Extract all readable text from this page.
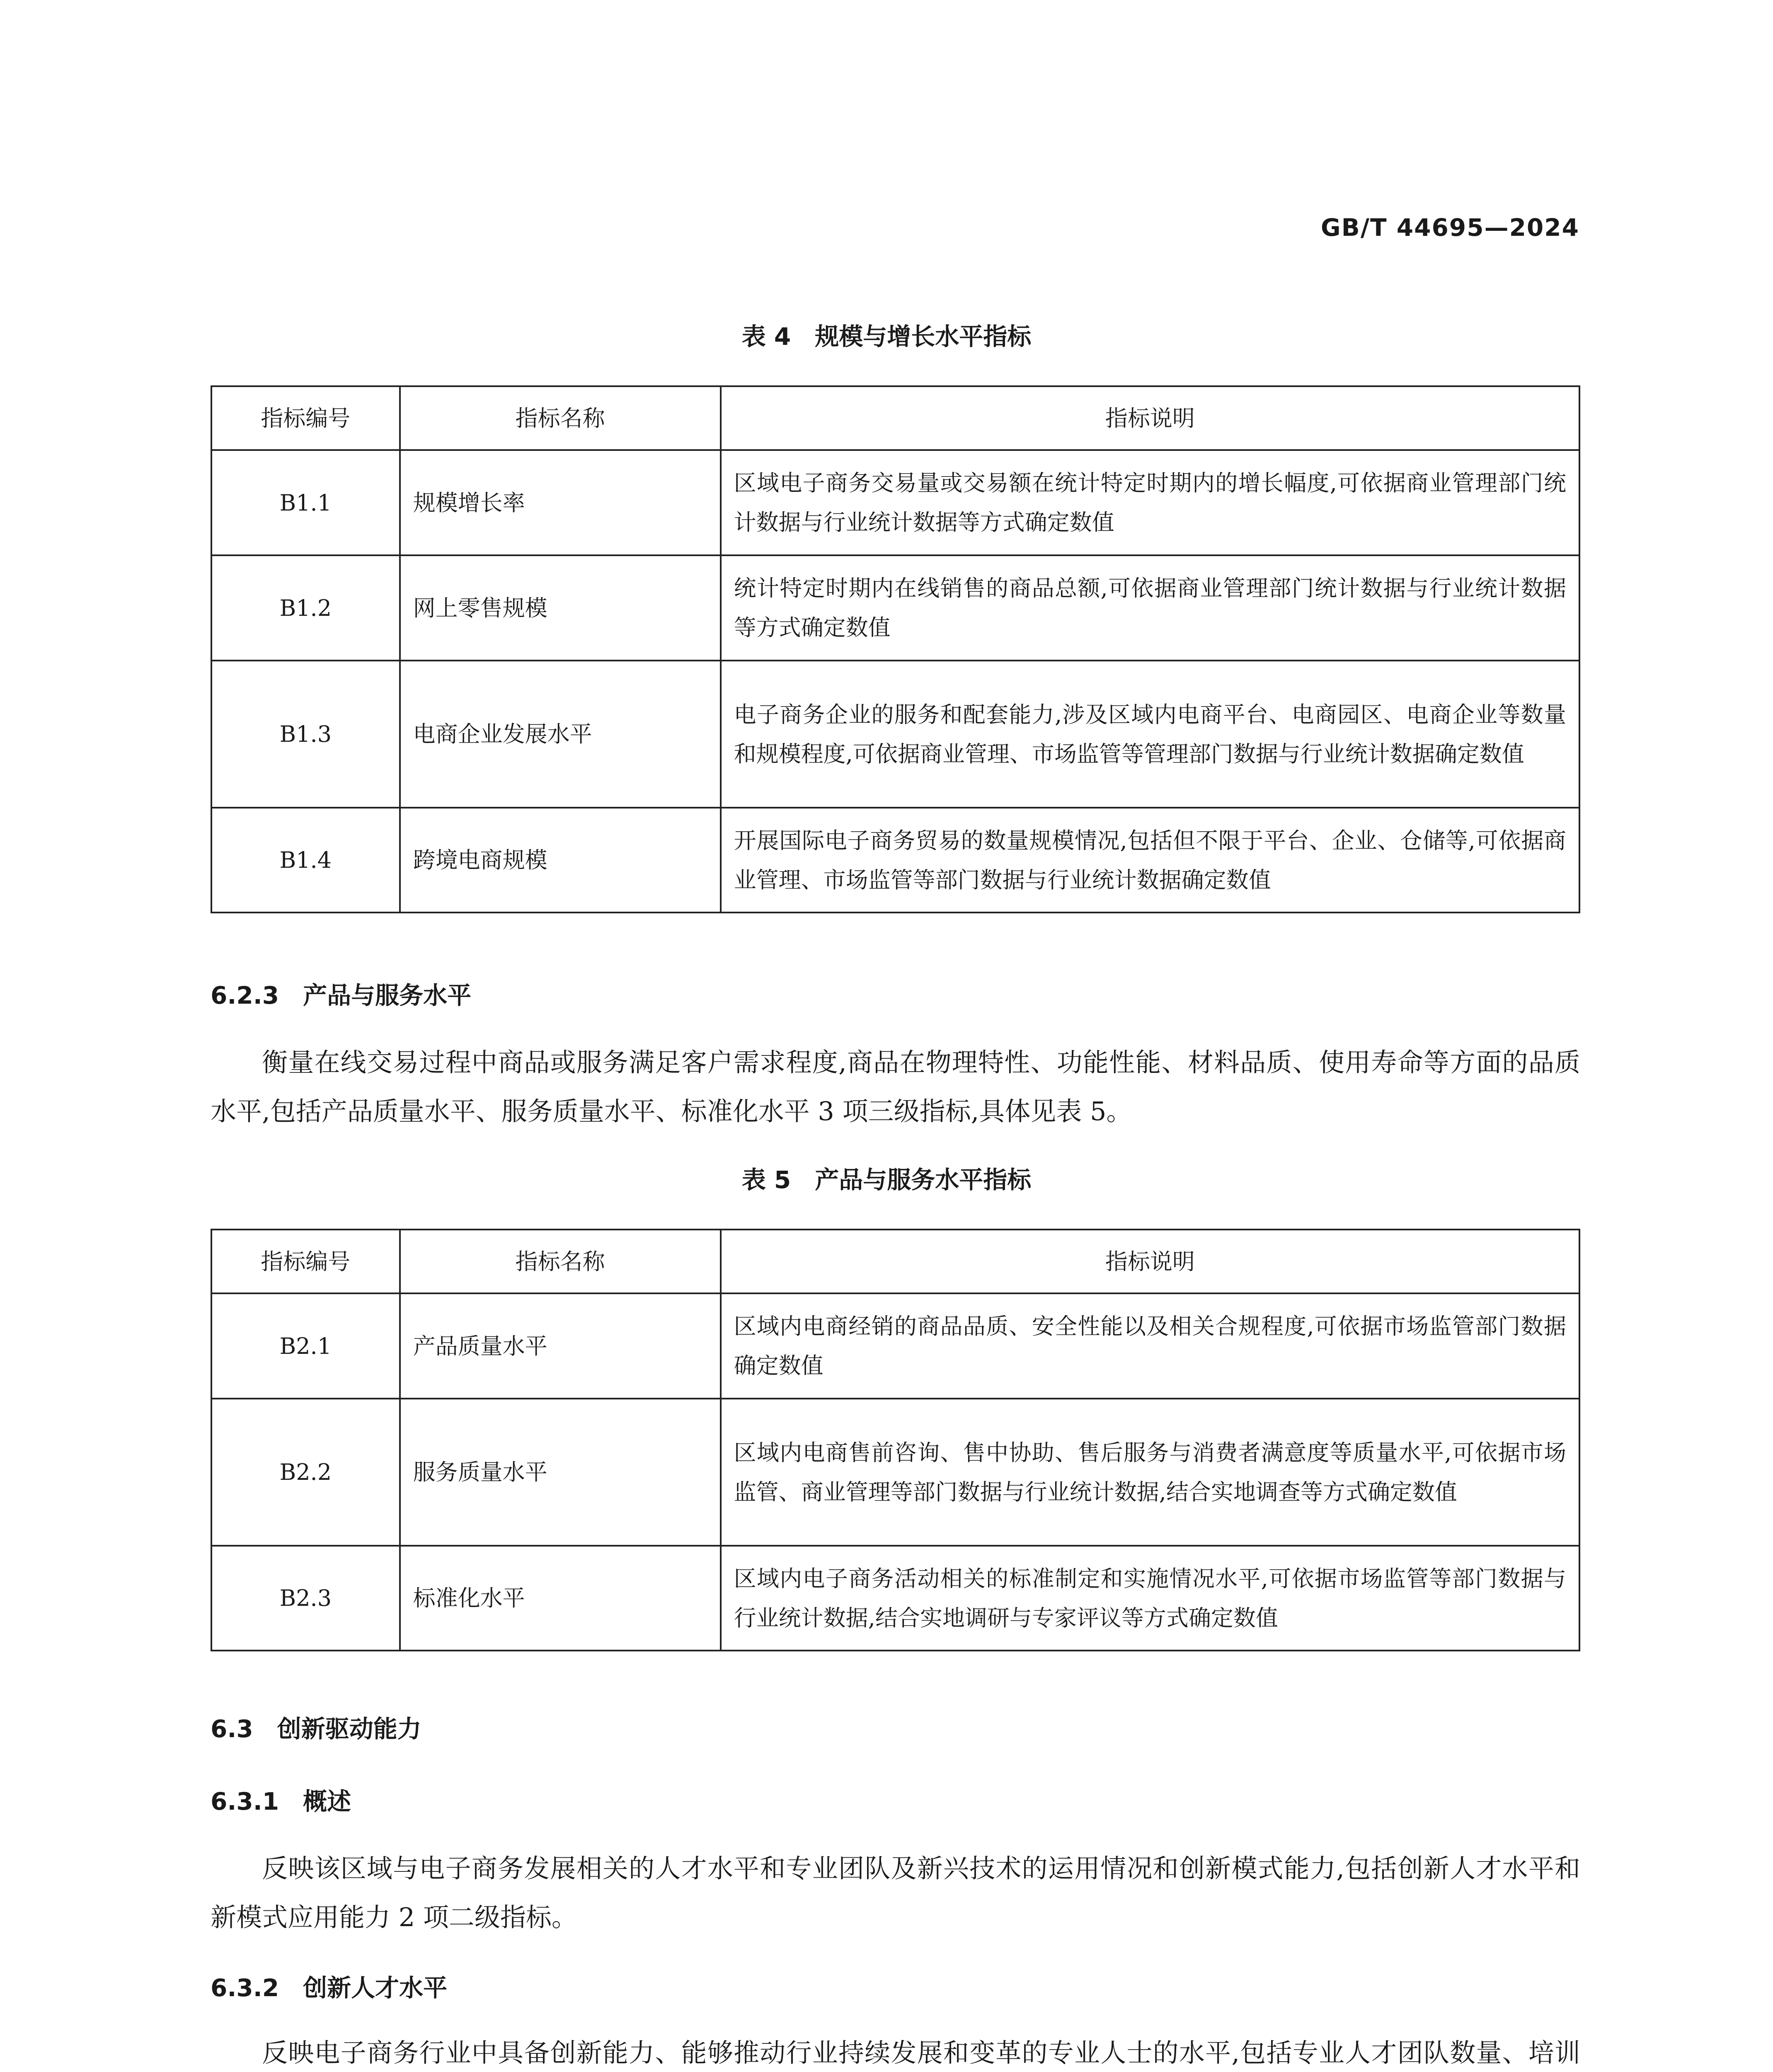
GB/T 44695—2024
表 4　规模与增长水平指标
指标编号	指标名称	指标说明
B1.1	规模增长率	区域电子商务交易量或交易额在统计特定时期内的增长幅度,可依据商业管理部门统计数据与行业统计数据等方式确定数值
B1.2	网上零售规模	统计特定时期内在线销售的商品总额,可依据商业管理部门统计数据与行业统计数据等方式确定数值
B1.3	电商企业发展水平	电子商务企业的服务和配套能力,涉及区域内电商平台、电商园区、电商企业等数量和规模程度,可依据商业管理、市场监管等管理部门数据与行业统计数据确定数值
B1.4	跨境电商规模	开展国际电子商务贸易的数量规模情况,包括但不限于平台、企业、仓储等,可依据商业管理、市场监管等部门数据与行业统计数据确定数值
6.2.3　产品与服务水平
衡量在线交易过程中商品或服务满足客户需求程度,商品在物理特性、功能性能、材料品质、使用寿命等方面的品质水平,包括产品质量水平、服务质量水平、标准化水平 3 项三级指标,具体见表 5。
表 5　产品与服务水平指标
指标编号	指标名称	指标说明
B2.1	产品质量水平	区域内电商经销的商品品质、安全性能以及相关合规程度,可依据市场监管部门数据确定数值
B2.2	服务质量水平	区域内电商售前咨询、售中协助、售后服务与消费者满意度等质量水平,可依据市场监管、商业管理等部门数据与行业统计数据,结合实地调查等方式确定数值
B2.3	标准化水平	区域内电子商务活动相关的标准制定和实施情况水平,可依据市场监管等部门数据与行业统计数据,结合实地调研与专家评议等方式确定数值
6.3　创新驱动能力
6.3.1　概述
反映该区域与电子商务发展相关的人才水平和专业团队及新兴技术的运用情况和创新模式能力,包括创新人才水平和新模式应用能力 2 项二级指标。
6.3.2　创新人才水平
反映电子商务行业中具备创新能力、能够推动行业持续发展和变革的专业人士的水平,包括专业人才团队数量、培训
